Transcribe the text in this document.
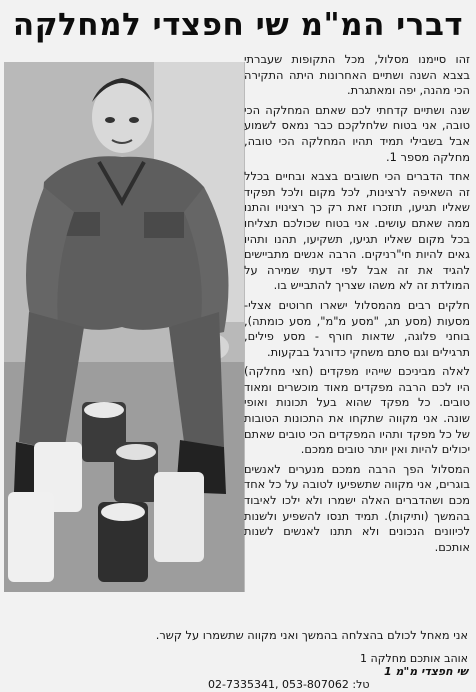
דברי המ"מ שי חפצדי למחלקה

זהו סיימנו מסלול, מכל התקופות שעברתי בצבא השנה ושתיים האחרונות היתה התקירה הכי מהנה, יפה ומאתגרת.

שנה ושתיים קדחתי לכם שאתם המחלקה הכי טובה, אני בטוח שלחלקכם כבר נמאס לשמוע אבל בשבילי תמיד תהיו המחלקה הכי טובה, מחלקה מספר 1.

אחד הדברים הכי חשובים בצבא ובחיים בכלל זה השאיפה לרצינות, לכל מקום ולכל תפקיד שאליו תגיעו, תוזכרו זאת רק כך רצינויו והתנו ממה שאתם עושים. אני בטוח שכולכם תצליחו בכל מקום שאליו תגיעו, תשקיעו, תהנו ותהיו גאים להיות חי"רניקים. הרבה אנשים מתביישים להגיד את זה אבל לפי דעתי שמירה על המולדת זה לא משהו שצריך להתבייש בו.

חלקים רבים מהמסלול ישארו חרוטים אצלי- מסעות (מסע תג, "מסע מ"מ", מסע כומתה), בוחני פלוגה, שדאות חורף - מסע פילים, תרגילים וגם סתם משחקי כדורגל בבקעות.

לאלה מביניכם שייהיו מפקדים (חצי מחלקה) היו לכם הרבה מפקדים מאוד מוכשרים ומאוד טובים. כל מפקד שהוא בעל תכונות ואופי שונה. אני מקווה שתקחו את התכונות הטובות של כל מפקד ותהיו המפקדים הכי טובים שאתם יכולים להיות ואין יותר טובים ממכם.

המסלול הפך הרבה ממכם מנערים לאנשים בוגרים, אני מקווה שתשפיעו לטובה על כל אחד מכם ושהדברים האלה ישמרו ולא ילכו לאיבוד בהמשך (ותיקות). תמיד תנסו להשפיע ולשנות לכיוונים הנכונים ולא תתנו לאנשים לשנות אותכם.

אני מאחל לכולם בהצלחה בהמשך ואני מקווה שתשמרו על קשר.
אוהב אותכם מחלקה 1
שי חפצדי מ"מ 1
טל: 053-807062 ,02-7335341
